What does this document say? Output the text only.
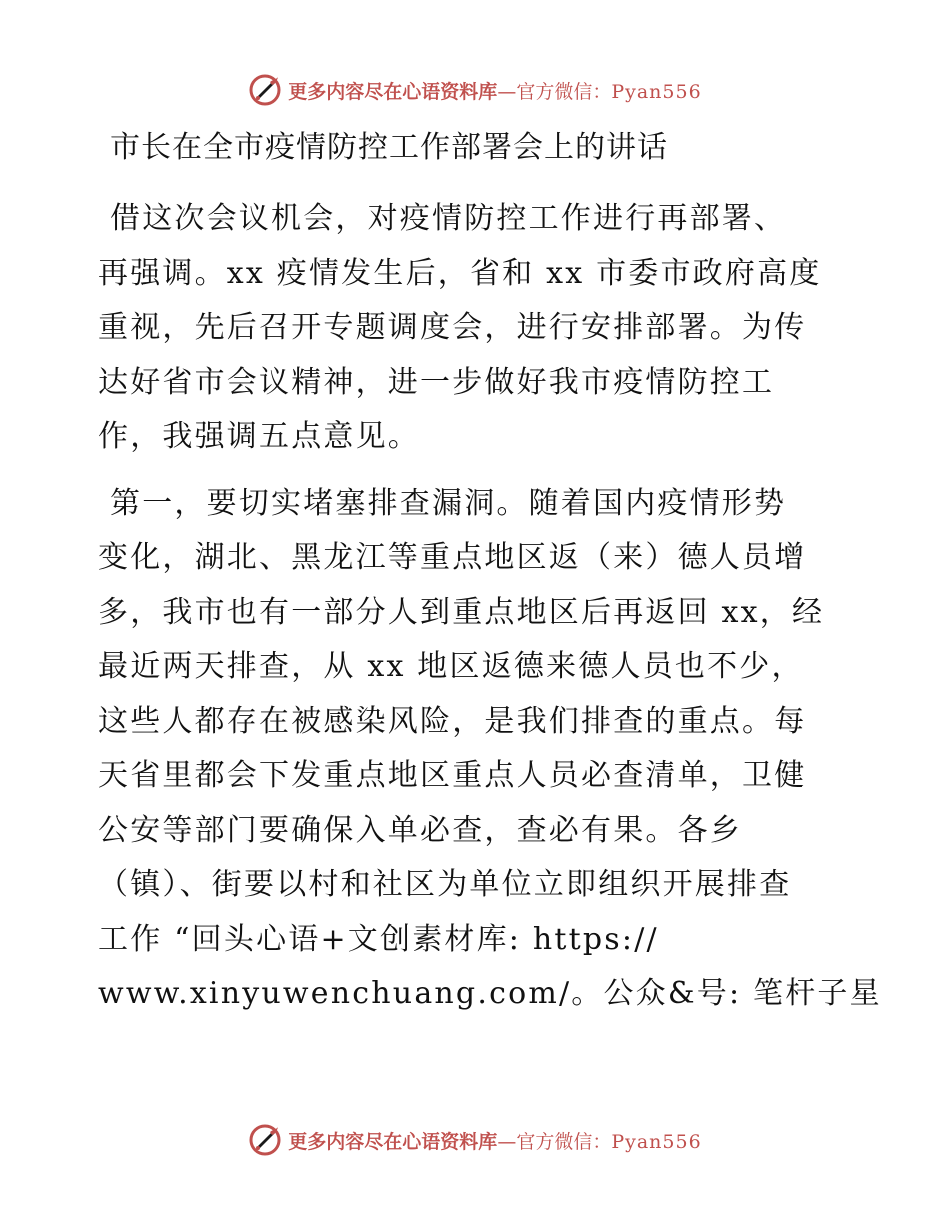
更多内容尽在心语资料库—官方微信：Pyan556
市长在全市疫情防控工作部署会上的讲话
借这次会议机会，对疫情防控工作进行再部署、
再强调。xx 疫情发生后，省和 xx 市委市政府高度
重视，先后召开专题调度会，进行安排部署。为传
达好省市会议精神，进一步做好我市疫情防控工
作，我强调五点意见。
第一，要切实堵塞排查漏洞。随着国内疫情形势
变化，湖北、黑龙江等重点地区返（来）德人员增
多，我市也有一部分人到重点地区后再返回 xx，经
最近两天排查，从 xx 地区返德来德人员也不少，
这些人都存在被感染风险，是我们排查的重点。每
天省里都会下发重点地区重点人员必查清单，卫健
公安等部门要确保入单必查，查必有果。各乡
（镇）、街要以村和社区为单位立即组织开展排查
工作 “回头心语+文创素材库: https://
www.xinyuwenchuang.com/。公众&号: 笔杆子星
更多内容尽在心语资料库—官方微信：Pyan556
